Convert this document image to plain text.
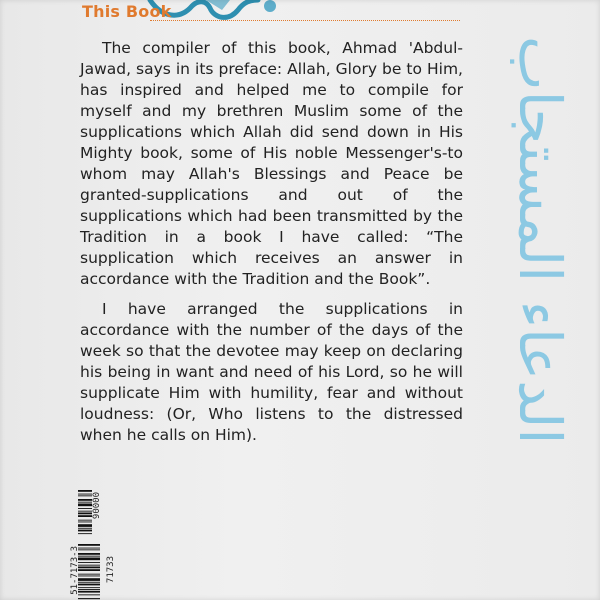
This Book

The compiler of this book, Ahmad 'Abdul-Jawad, says in its preface: Allah, Glory be to Him, has inspired and helped me to compile for myself and my brethren Muslim some of the supplications which Allah did send down in His Mighty book, some of His noble Messenger's-to whom may Allah's Blessings and Peace be granted-supplications and out of the supplications which had been transmitted by the Tradition in a book I have called: “The supplication which receives an answer in accordance with the Tradition and the Book”.

I have arranged the supplications in accordance with the number of the days of the week so that the devotee may keep on declaring his being in want and need of his Lord, so he will supplicate Him with humility, fear and without loudness: (Or, Who listens to the distressed when he calls on Him).	الدعاء المستجاب
90000
71733
51-7173-3
